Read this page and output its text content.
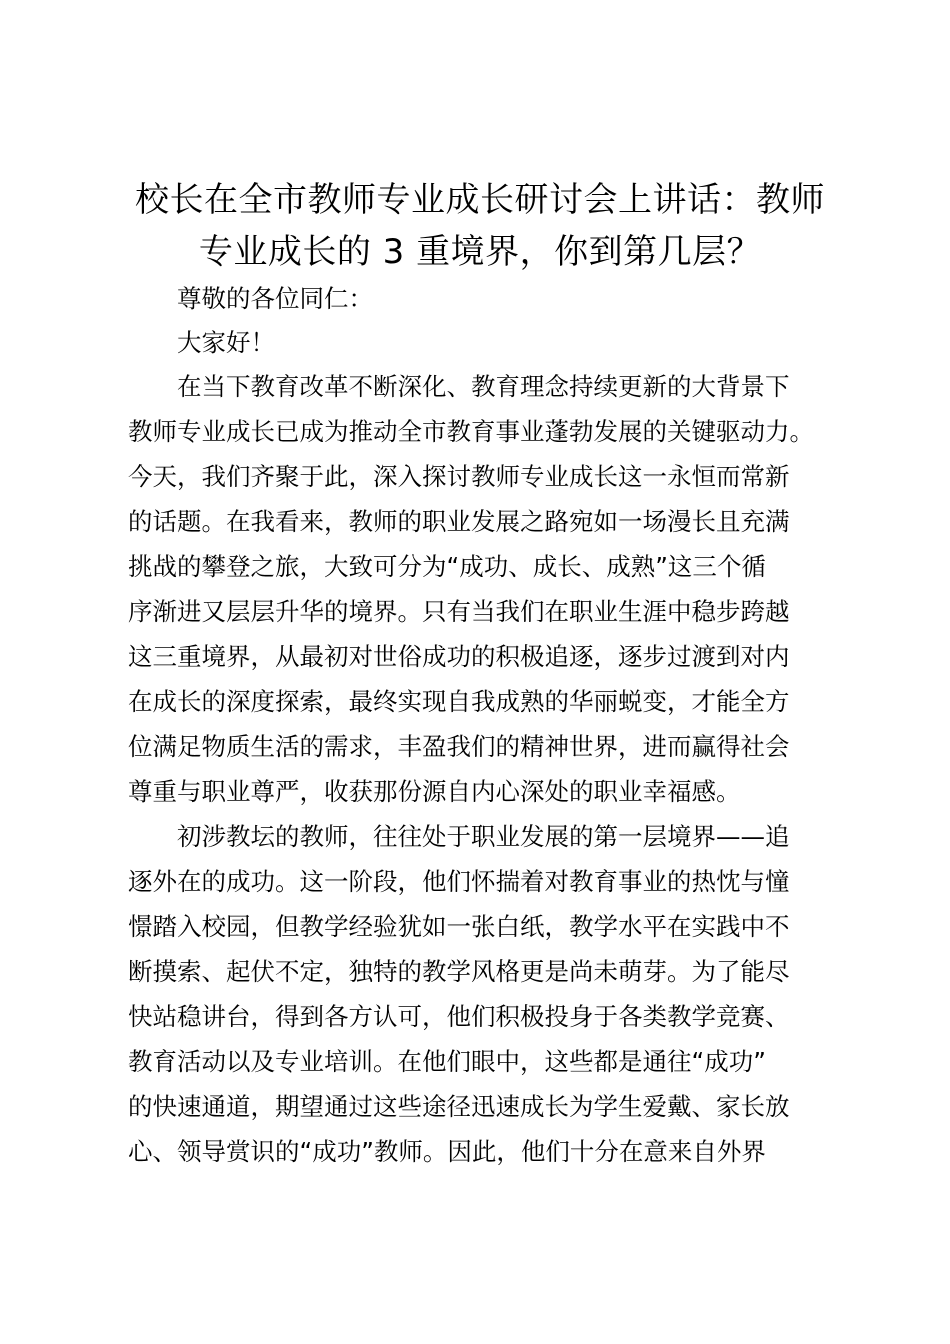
校长在全市教师专业成长研讨会上讲话：教师
专业成长的 3 重境界，你到第几层？
尊敬的各位同仁：
大家好！
在当下教育改革不断深化、教育理念持续更新的大背景下
教师专业成长已成为推动全市教育事业蓬勃发展的关键驱动力。
今天，我们齐聚于此，深入探讨教师专业成长这一永恒而常新
的话题。在我看来，教师的职业发展之路宛如一场漫长且充满
挑战的攀登之旅，大致可分为“成功、成长、成熟”这三个循
序渐进又层层升华的境界。只有当我们在职业生涯中稳步跨越
这三重境界，从最初对世俗成功的积极追逐，逐步过渡到对内
在成长的深度探索，最终实现自我成熟的华丽蜕变，才能全方
位满足物质生活的需求，丰盈我们的精神世界，进而赢得社会
尊重与职业尊严，收获那份源自内心深处的职业幸福感。
初涉教坛的教师，往往处于职业发展的第一层境界——追
逐外在的成功。这一阶段，他们怀揣着对教育事业的热忱与憧
憬踏入校园，但教学经验犹如一张白纸，教学水平在实践中不
断摸索、起伏不定，独特的教学风格更是尚未萌芽。为了能尽
快站稳讲台，得到各方认可，他们积极投身于各类教学竞赛、
教育活动以及专业培训。在他们眼中，这些都是通往“成功”
的快速通道，期望通过这些途径迅速成长为学生爱戴、家长放
心、领导赏识的“成功”教师。因此，他们十分在意来自外界
